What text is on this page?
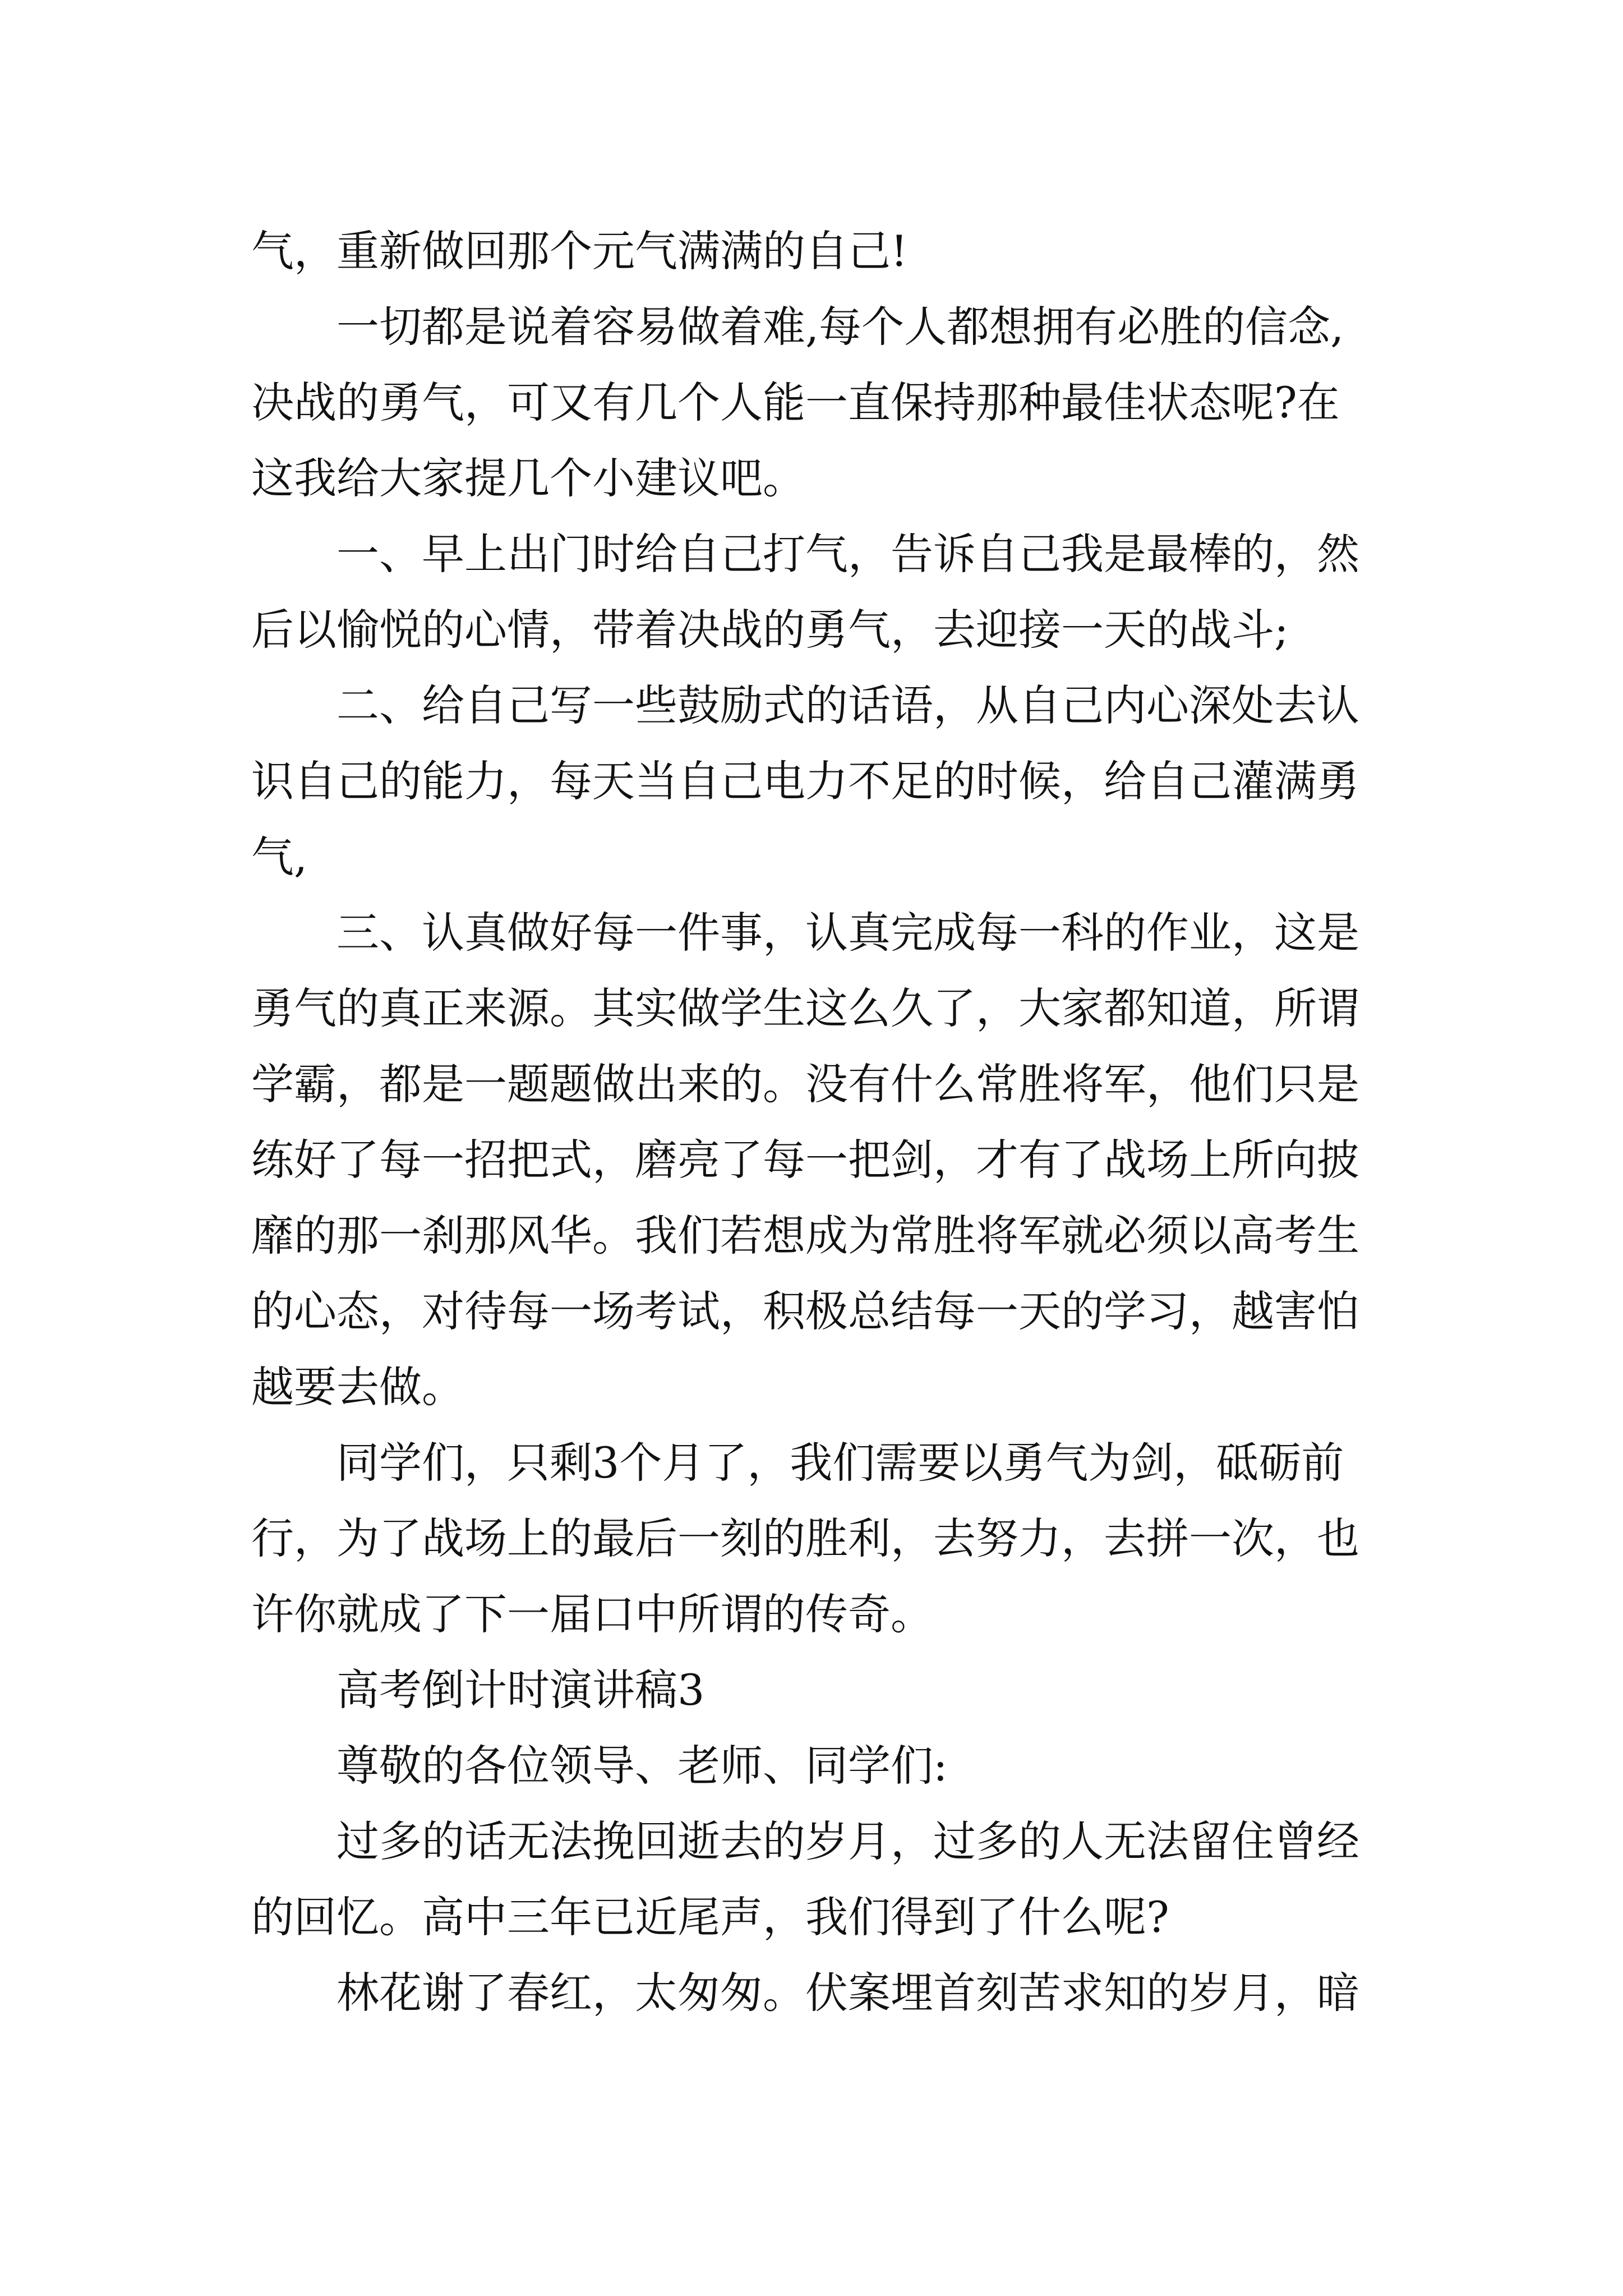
气，重新做回那个元气满满的自己!

一切都是说着容易做着难,每个人都想拥有必胜的信念,

决战的勇气，可又有几个人能一直保持那种最佳状态呢?在

这我给大家提几个小建议吧。

一、早上出门时给自己打气，告诉自己我是最棒的，然

后以愉悦的心情，带着决战的勇气，去迎接一天的战斗;

二、给自己写一些鼓励式的话语，从自己内心深处去认

识自己的能力，每天当自己电力不足的时候，给自己灌满勇

气,

三、认真做好每一件事，认真完成每一科的作业，这是

勇气的真正来源。其实做学生这么久了，大家都知道，所谓

学霸，都是一题题做出来的。没有什么常胜将军，他们只是

练好了每一招把式，磨亮了每一把剑，才有了战场上所向披

靡的那一刹那风华。我们若想成为常胜将军就必须以高考生

的心态，对待每一场考试，积极总结每一天的学习，越害怕

越要去做。

同学们，只剩3个月了，我们需要以勇气为剑，砥砺前

行，为了战场上的最后一刻的胜利，去努力，去拼一次，也

许你就成了下一届口中所谓的传奇。

高考倒计时演讲稿3

尊敬的各位领导、老师、同学们:

过多的话无法挽回逝去的岁月，过多的人无法留住曾经

的回忆。高中三年已近尾声，我们得到了什么呢?

林花谢了春红，太匆匆。伏案埋首刻苦求知的岁月，暗
